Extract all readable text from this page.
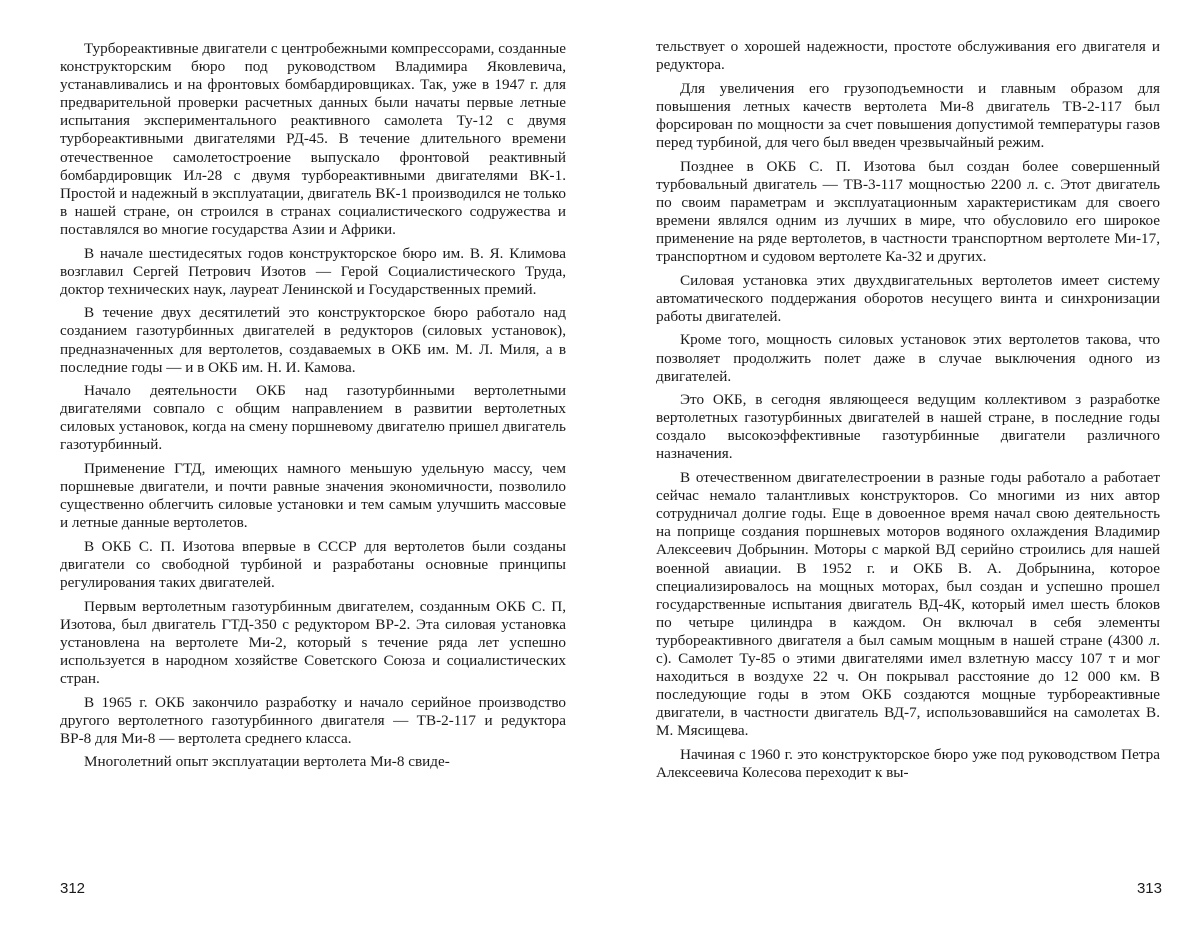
Турбореактивные двигатели с центробежными компрессорами, созданные конструкторским бюро под руководством Владимира Яковлевича, устанавливались и на фронтовых бомбардировщиках. Так, уже в 1947 г. для предварительной проверки расчетных данных были начаты первые летные испытания экспериментального реактивного самолета Ту-12 с двумя турбореактивными двигателями РД-45. В течение длительного времени отечественное самолетостроение выпускало фронтовой реактивный бомбардировщик Ил-28 с двумя турбореактивными двигателями ВК-1. Простой и надежный в эксплуатации, двигатель ВК-1 производился не только в нашей стране, он строился в странах социалистического содружества и поставлялся во многие государства Азии и Африки.

В начале шестидесятых годов конструкторское бюро им. В. Я. Климова возглавил Сергей Петрович Изотов — Герой Социалистического Труда, доктор технических наук, лауреат Ленинской и Государственных премий.

В течение двух десятилетий это конструкторское бюро работало над созданием газотурбинных двигателей в редукторов (силовых установок), предназначенных для вертолетов, создаваемых в ОКБ им. М. Л. Миля, а в последние годы — и в ОКБ им. Н. И. Камова.

Начало деятельности ОКБ над газотурбинными вертолетными двигателями совпало с общим направлением в развитии вертолетных силовых установок, когда на смену поршневому двигателю пришел двигатель газотурбинный.

Применение ГТД, имеющих намного меньшую удельную массу, чем поршневые двигатели, и почти равные значения экономичности, позволило существенно облегчить силовые установки и тем самым улучшить массовые и летные данные вертолетов.

В ОКБ С. П. Изотова впервые в СССР для вертолетов были созданы двигатели со свободной турбиной и разработаны основные принципы регулирования таких двигателей.

Первым вертолетным газотурбинным двигателем, созданным ОКБ С. П, Изотова, был двигатель ГТД-350 с редуктором ВР-2. Эта силовая установка установлена на вертолете Ми-2, который s течение ряда лет успешно используется в народном хозяйстве Советского Союза и социалистических стран.

В 1965 г. ОКБ закончило разработку и начало серийное производство другого вертолетного газотурбинного двигателя — ТВ-2-117 и редуктора ВР-8 для Ми-8 — вертолета среднего класса.

Многолетний опыт эксплуатации вертолета Ми-8 свиде-

312

тельствует о хорошей надежности, простоте обслуживания его двигателя и редуктора.

Для увеличения его грузоподъемности и главным образом для повышения летных качеств вертолета Ми-8 двигатель ТВ-2-117 был форсирован по мощности за счет повышения допустимой температуры газов перед турбиной, для чего был введен чрезвычайный режим.

Позднее в ОКБ С. П. Изотова был создан более совершенный турбовальный двигатель — ТВ-3-117 мощностью 2200 л. с. Этот двигатель по своим параметрам и эксплуатационным характеристикам для своего времени являлся одним из лучших в мире, что обусловило его широкое применение на ряде вертолетов, в частности транспортном вертолете Ми-17, транспортном и судовом вертолете Ка-32 и других.

Силовая установка этих двухдвигательных вертолетов имеет систему автоматического поддержания оборотов несущего винта и синхронизации работы двигателей.

Кроме того, мощность силовых установок этих вертолетов такова, что позволяет продолжить полет даже в случае выключения одного из двигателей.

Это ОКБ, в сегодня являющееся ведущим коллективом з разработке вертолетных газотурбинных двигателей в нашей стране, в последние годы создало высокоэффективные газотурбинные двигатели различного назначения.

В отечественном двигателестроении в разные годы работало а работает сейчас немало талантливых конструкторов. Со многими из них автор сотрудничал долгие годы. Еще в довоенное время начал свою деятельность на поприще создания поршневых моторов водяного охлаждения Владимир Алексеевич Добрынин. Моторы с маркой ВД серийно строились для нашей военной авиации. В 1952 г. и ОКБ В. А. Добрынина, которое специализировалось на мощных моторах, был создан и успешно прошел государственные испытания двигатель ВД-4К, который имел шесть блоков по четыре цилиндра в каждом. Он включал в себя элементы турбореактивного двигателя а был самым мощным в нашей стране (4300 л. с). Самолет Ту-85 о этими двигателями имел взлетную массу 107 т и мог находиться в воздухе 22 ч. Он покрывал расстояние до 12 000 км. В последующие годы в этом ОКБ создаются мощные турбореактивные двигатели, в частности двигатель ВД-7, использовавшийся на самолетах В. М. Мясищева.

Начиная с 1960 г. это конструкторское бюро уже под руководством Петра Алексеевича Колесова переходит к вы-

313
